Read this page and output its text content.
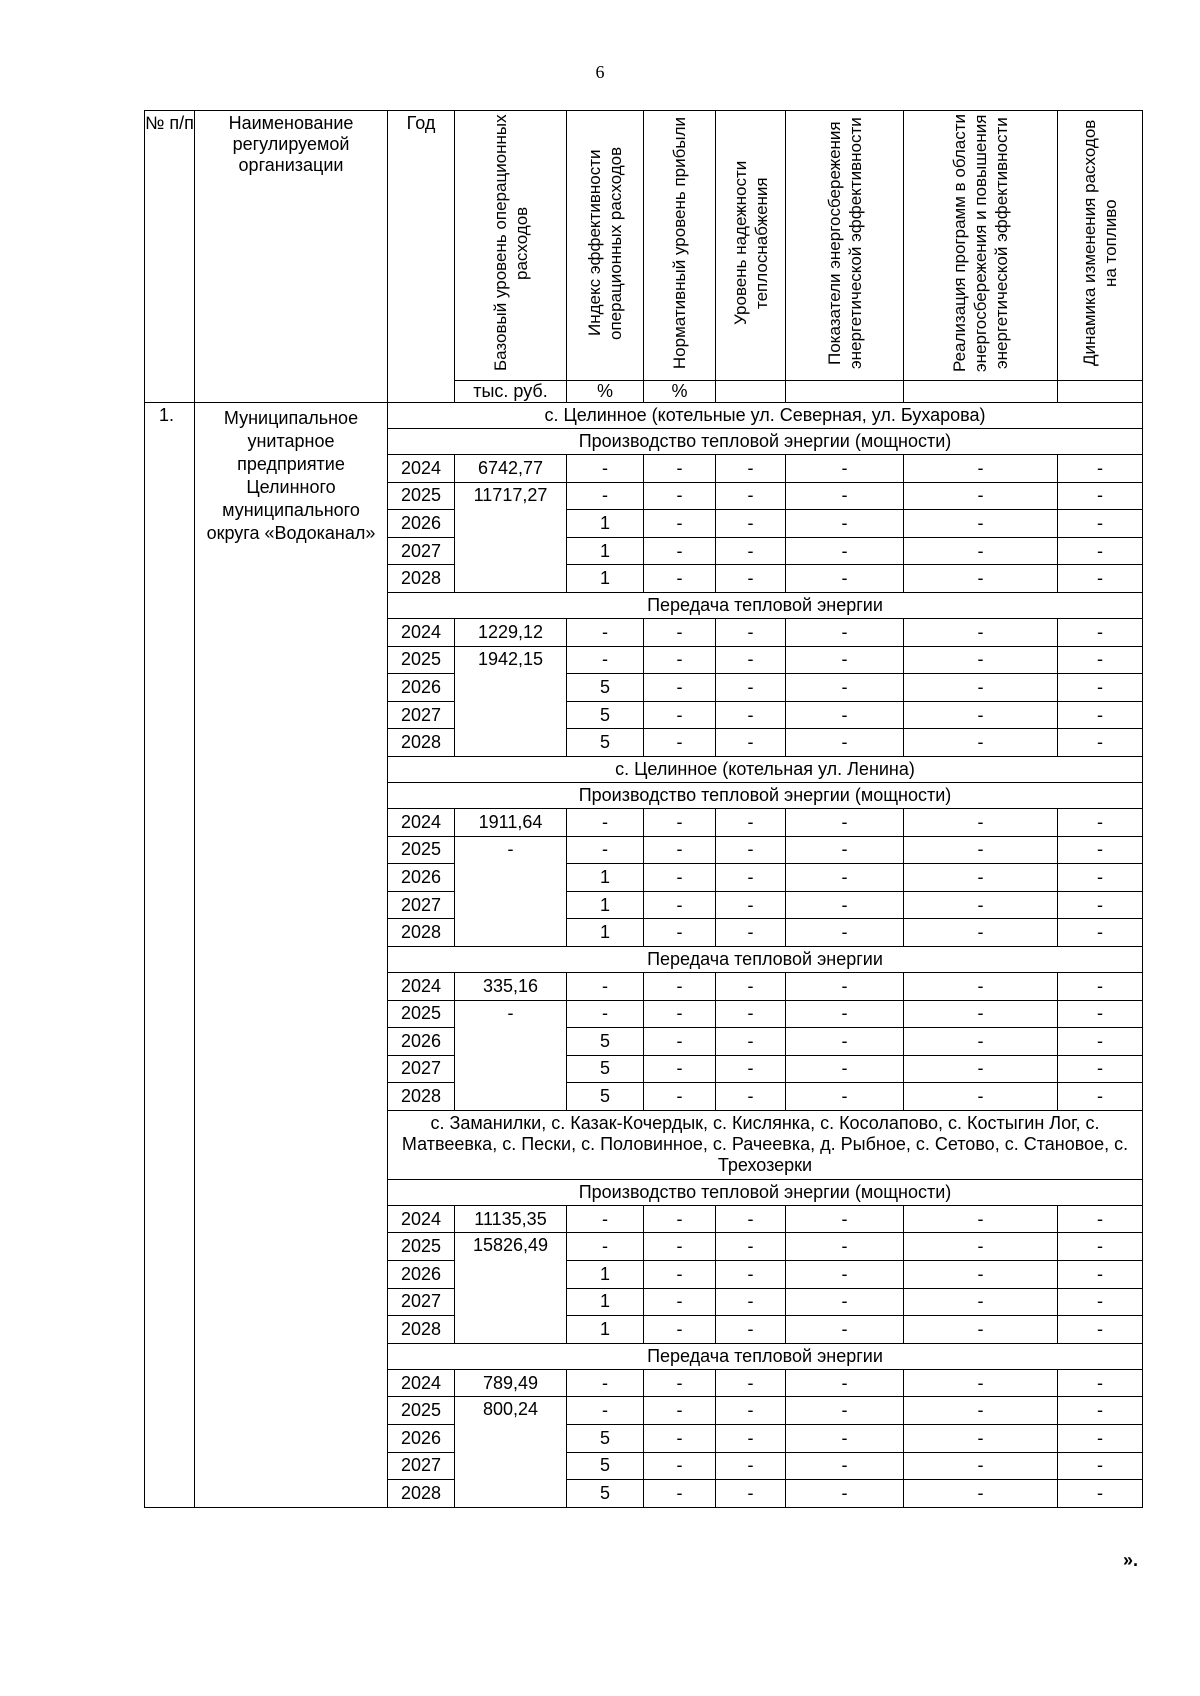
6
№ п/п	Наименование регулируемой организации	Год	Базовый уровень операционных расходов	Индекс эффективности операционных расходов	Нормативный уровень прибыли	Уровень надежности теплоснабжения	Показатели энергосбережения энергетической эффективности	Реализация программ в области энергосбережения и повышения энергетической эффективности	Динамика изменения расходов на топливо
			тыс. руб.	%	%				
1.	Муниципальное унитарное предприятие Целинного муниципального округа «Водоканал»	с. Целинное (котельные ул. Северная, ул. Бухарова)							
		Производство тепловой энергии (мощности)							
		2024	6742,77	-	-	-	-	-	-
		2025	11717,27	-	-	-	-	-	-
		2026		1	-	-	-	-	-
		2027		1	-	-	-	-	-
		2028		1	-	-	-	-	-
		Передача тепловой энергии							
		2024	1229,12	-	-	-	-	-	-
		2025	1942,15	-	-	-	-	-	-
		2026		5	-	-	-	-	-
		2027		5	-	-	-	-	-
		2028		5	-	-	-	-	-
		с. Целинное (котельная ул. Ленина)							
		Производство тепловой энергии (мощности)							
		2024	1911,64	-	-	-	-	-	-
		2025	-	-	-	-	-	-	-
		2026		1	-	-	-	-	-
		2027		1	-	-	-	-	-
		2028		1	-	-	-	-	-
		Передача тепловой энергии							
		2024	335,16	-	-	-	-	-	-
		2025	-	-	-	-	-	-	-
		2026		5	-	-	-	-	-
		2027		5	-	-	-	-	-
		2028		5	-	-	-	-	-
		с. Заманилки, с. Казак-Кочердык, с. Кислянка, с. Косолапово, с. Костыгин Лог, с. Матвеевка, с. Пески, с. Половинное, с. Рачеевка, д. Рыбное, с. Сетово, с. Становое, с. Трехозерки							
		Производство тепловой энергии (мощности)							
		2024	11135,35	-	-	-	-	-	-
		2025	15826,49	-	-	-	-	-	-
		2026		1	-	-	-	-	-
		2027		1	-	-	-	-	-
		2028		1	-	-	-	-	-
		Передача тепловой энергии							
		2024	789,49	-	-	-	-	-	-
		2025	800,24	-	-	-	-	-	-
		2026		5	-	-	-	-	-
		2027		5	-	-	-	-	-
		2028		5	-	-	-	-	-
».
